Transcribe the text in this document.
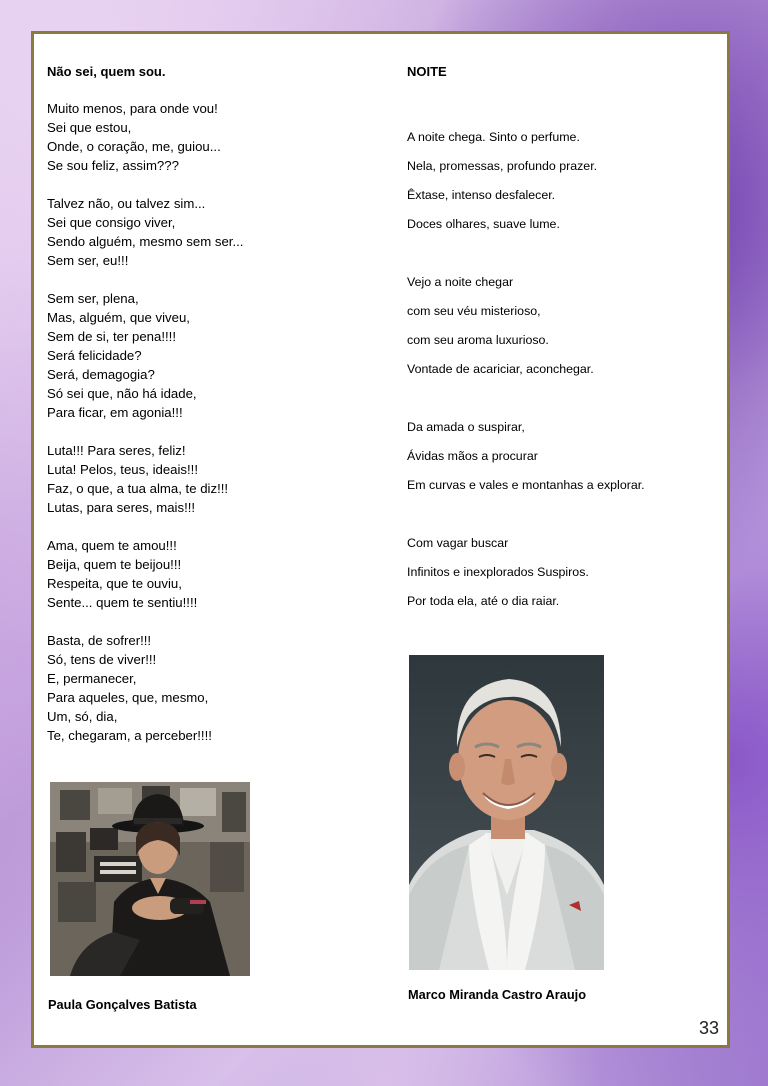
Não sei, quem sou.

Muito menos, para onde vou!
Sei que estou,
Onde, o coração, me, guiou...
Se sou feliz, assim???
Talvez não, ou talvez sim...
Sei que consigo viver,
Sendo alguém, mesmo sem ser...
Sem ser, eu!!!
Sem ser, plena,
Mas, alguém, que viveu,
Sem de si, ter pena!!!!
Será felicidade?
Será, demagogia?
Só sei que, não há idade,
Para ficar, em agonia!!!
Luta!!! Para seres, feliz!
Luta! Pelos, teus, ideais!!!
Faz, o que, a tua alma, te diz!!!
Lutas, para seres, mais!!!
Ama, quem te amou!!!
Beija, quem te beijou!!!
Respeita, que te ouviu,
Sente... quem te sentiu!!!!
Basta, de sofrer!!!
Só, tens de viver!!!
E, permanecer,
Para aqueles, que, mesmo,
Um, só, dia,
Te, chegaram, a perceber!!!!

NOITE

A noite chega. Sinto o perfume.
Nela, promessas, profundo prazer.
Êxtase, intenso desfalecer.
Doces olhares, suave lume.
Vejo a noite chegar
com seu véu misterioso,
com seu aroma luxurioso.
Vontade de acariciar, aconchegar.
Da amada o suspirar,
Ávidas mãos a procurar
Em curvas e vales e montanhas a explorar.
Com vagar buscar
Infinitos e inexplorados Suspiros.
Por toda ela, até o dia raiar.

Paula Gonçalves Batista

Marco Miranda Castro Araujo

33
